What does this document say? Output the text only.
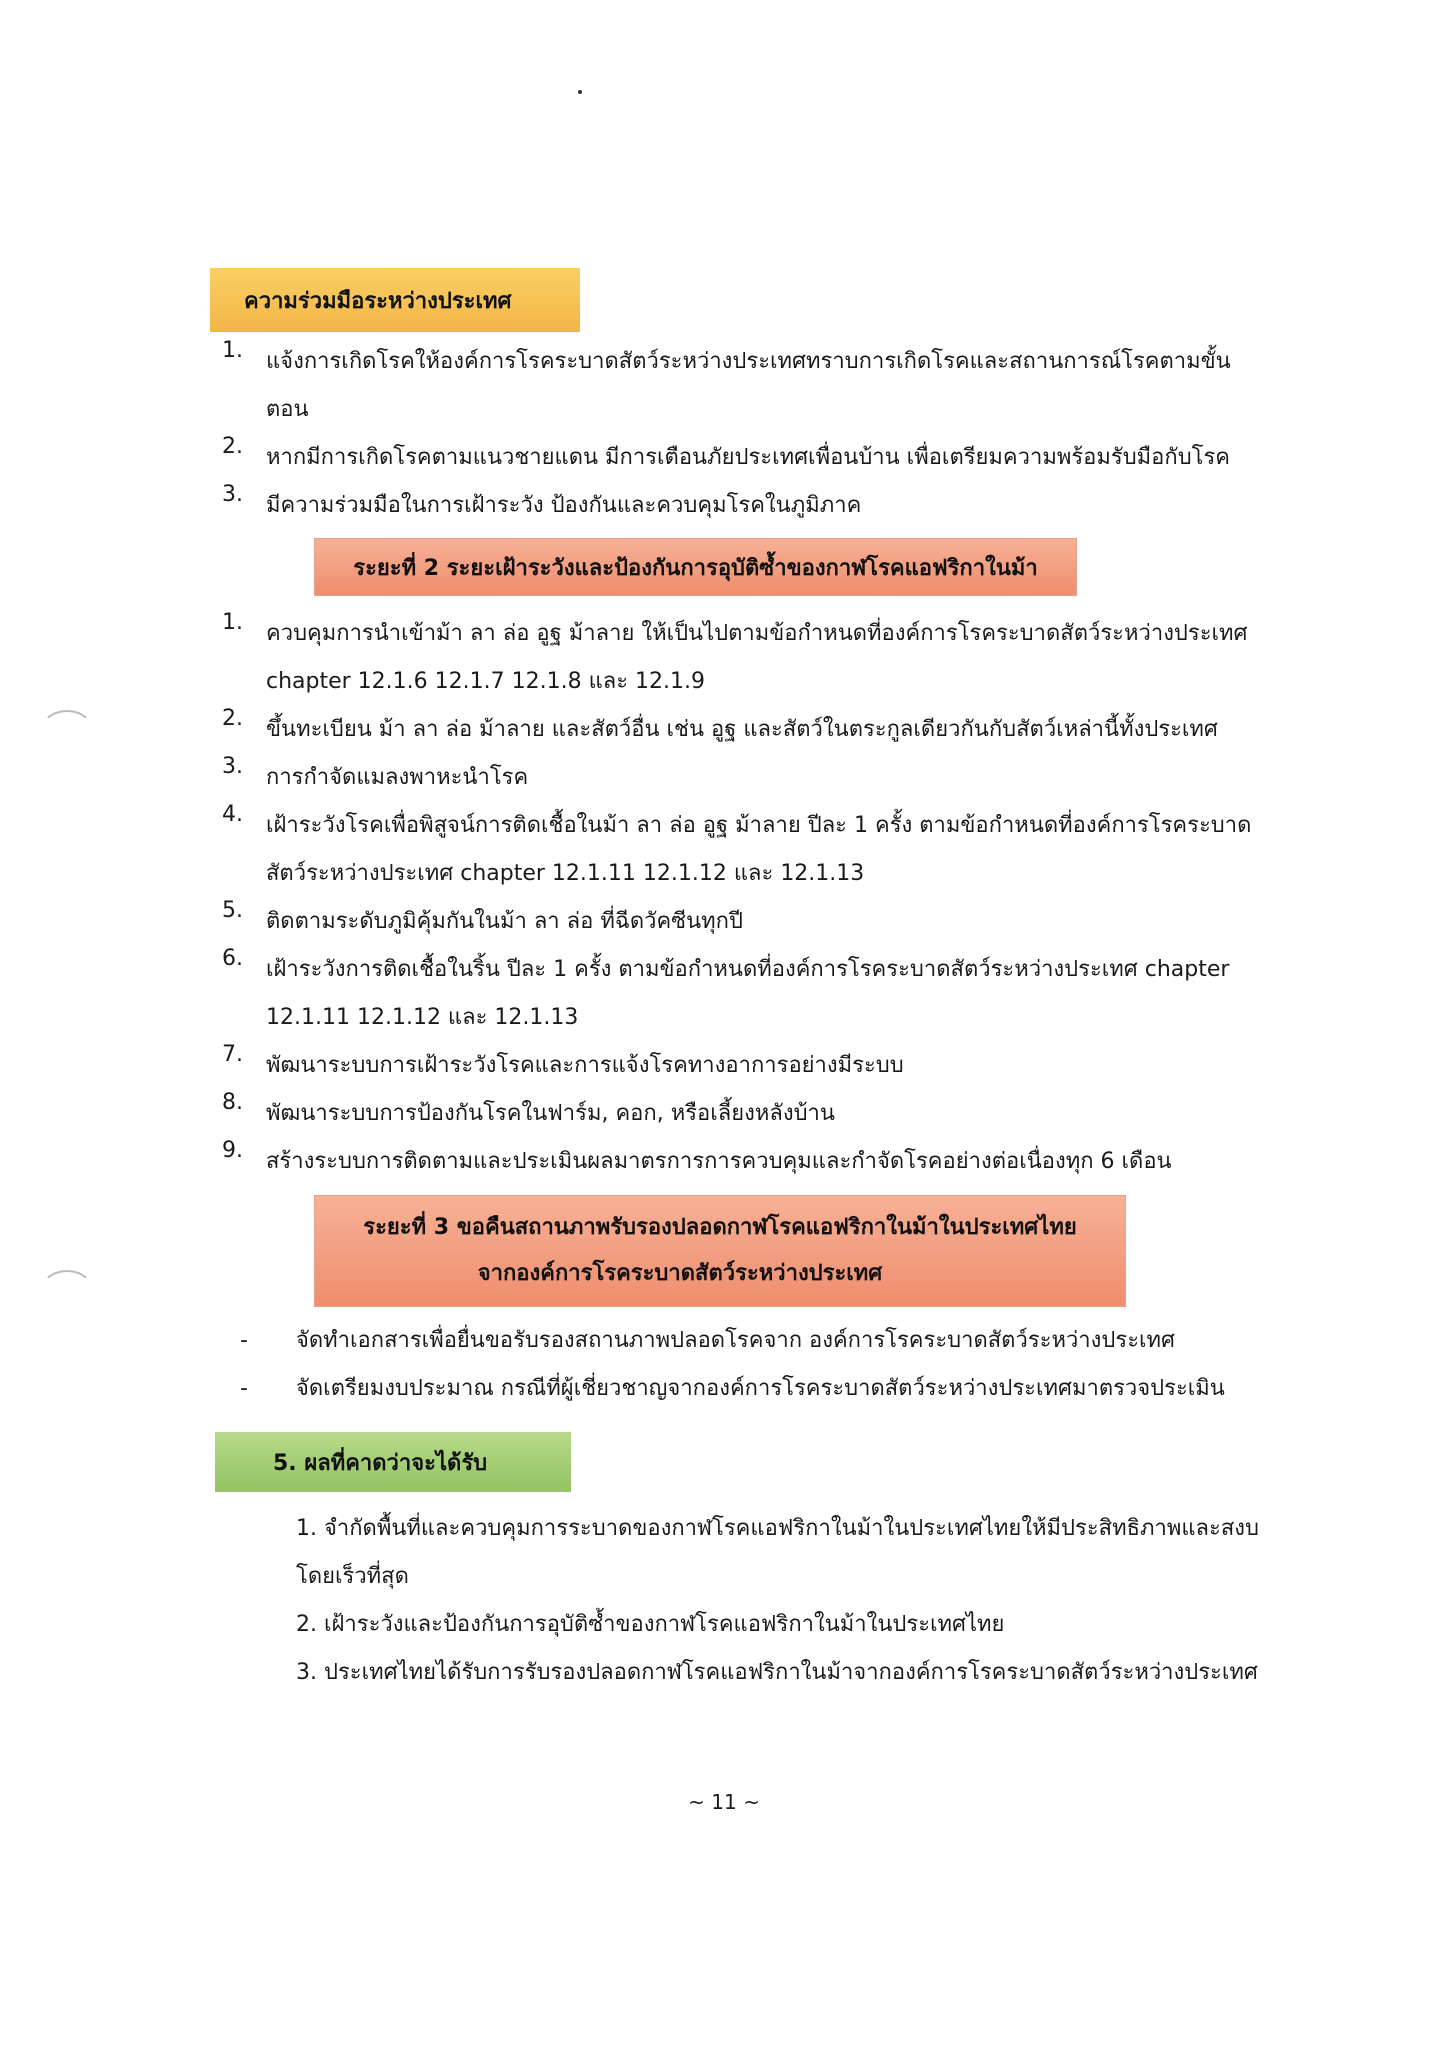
ความร่วมมือระหว่างประเทศ
1.	แจ้งการเกิดโรคให้องค์การโรคระบาดสัตว์ระหว่างประเทศทราบการเกิดโรคและสถานการณ์โรคตามขั้นตอน
2.	หากมีการเกิดโรคตามแนวชายแดน มีการเตือนภัยประเทศเพื่อนบ้าน เพื่อเตรียมความพร้อมรับมือกับโรค
3.	มีความร่วมมือในการเฝ้าระวัง ป้องกันและควบคุมโรคในภูมิภาค
ระยะที่ 2 ระยะเฝ้าระวังและป้องกันการอุบัติซ้ำของกาฬโรคแอฟริกาในม้า
1.	ควบคุมการนำเข้าม้า ลา ล่อ อูฐ ม้าลาย ให้เป็นไปตามข้อกำหนดที่องค์การโรคระบาดสัตว์ระหว่างประเทศ chapter 12.1.6 12.1.7 12.1.8 และ 12.1.9
2.	ขึ้นทะเบียน ม้า ลา ล่อ ม้าลาย และสัตว์อื่น เช่น อูฐ และสัตว์ในตระกูลเดียวกันกับสัตว์เหล่านี้ทั้งประเทศ
3.	การกำจัดแมลงพาหะนำโรค
4.	เฝ้าระวังโรคเพื่อพิสูจน์การติดเชื้อในม้า ลา ล่อ อูฐ ม้าลาย ปีละ 1 ครั้ง ตามข้อกำหนดที่องค์การโรคระบาดสัตว์ระหว่างประเทศ chapter 12.1.11 12.1.12 และ 12.1.13
5.	ติดตามระดับภูมิคุ้มกันในม้า ลา ล่อ ที่ฉีดวัคซีนทุกปี
6.	เฝ้าระวังการติดเชื้อในริ้น ปีละ 1 ครั้ง ตามข้อกำหนดที่องค์การโรคระบาดสัตว์ระหว่างประเทศ chapter 12.1.11 12.1.12 และ 12.1.13
7.	พัฒนาระบบการเฝ้าระวังโรคและการแจ้งโรคทางอาการอย่างมีระบบ
8.	พัฒนาระบบการป้องกันโรคในฟาร์ม, คอก, หรือเลี้ยงหลังบ้าน
9.	สร้างระบบการติดตามและประเมินผลมาตรการการควบคุมและกำจัดโรคอย่างต่อเนื่องทุก 6 เดือน
ระยะที่ 3 ขอคืนสถานภาพรับรองปลอดกาฬโรคแอฟริกาในม้าในประเทศไทย
จากองค์การโรคระบาดสัตว์ระหว่างประเทศ
-	จัดทำเอกสารเพื่อยื่นขอรับรองสถานภาพปลอดโรคจาก องค์การโรคระบาดสัตว์ระหว่างประเทศ
-	จัดเตรียมงบประมาณ กรณีที่ผู้เชี่ยวชาญจากองค์การโรคระบาดสัตว์ระหว่างประเทศมาตรวจประเมิน
5. ผลที่คาดว่าจะได้รับ
1. จำกัดพื้นที่และควบคุมการระบาดของกาฬโรคแอฟริกาในม้าในประเทศไทยให้มีประสิทธิภาพและสงบโดยเร็วที่สุด
2. เฝ้าระวังและป้องกันการอุบัติซ้ำของกาฬโรคแอฟริกาในม้าในประเทศไทย
3. ประเทศไทยได้รับการรับรองปลอดกาฬโรคแอฟริกาในม้าจากองค์การโรคระบาดสัตว์ระหว่างประเทศ
~ 11 ~
